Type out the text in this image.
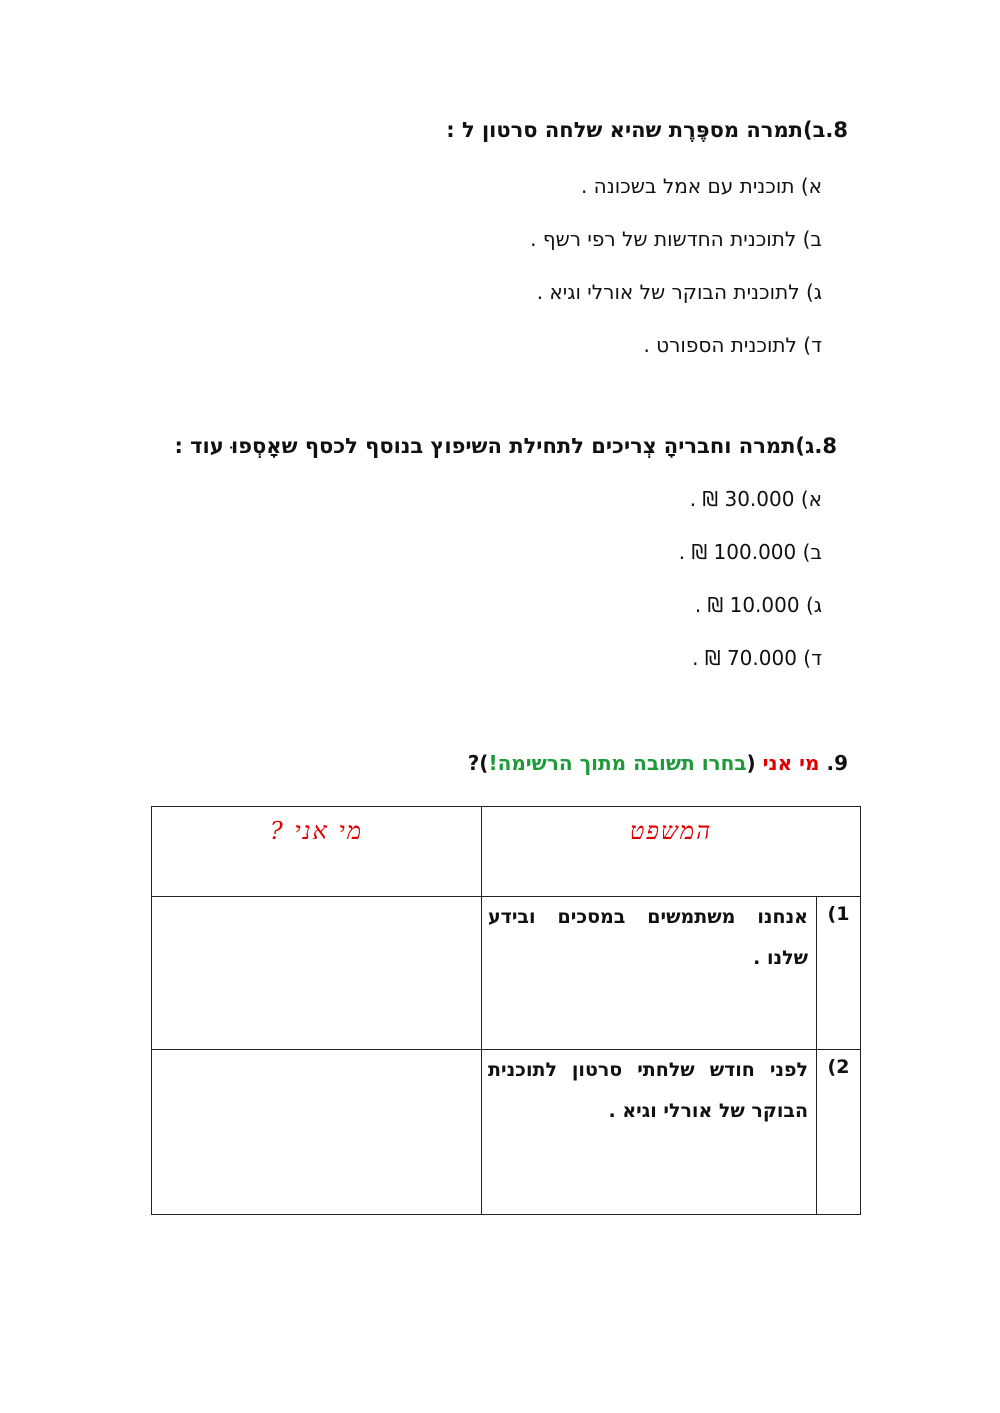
8.ב)תמרה מספֶּרֶת שהיא שלחה סרטון ל :
א) תוכנית עם אמל בשכונה .
ב) לתוכנית החדשות של רפי רשף .
ג) לתוכנית הבוקר של אורלי וגיא .
ד) לתוכנית הספורט .
8.ג)תמרה וחבריהָ צְריכים לתחילת השיפוץ בנוסף לכסף שאָסְפוּ עוד :
א) 30.000 ₪ .
ב) 100.000 ₪ .
ג) 10.000 ₪ .
ד) 70.000 ₪ .
9. מי אני (בחרו תשובה מתוך הרשימה!)?
המשפט		מי אני ?
1)	אנחנו משתמשים במסכים ובידע שלנו .	
2)	לפני חודש שלחתי סרטון לתוכנית הבוקר של אורלי וגיא .	
